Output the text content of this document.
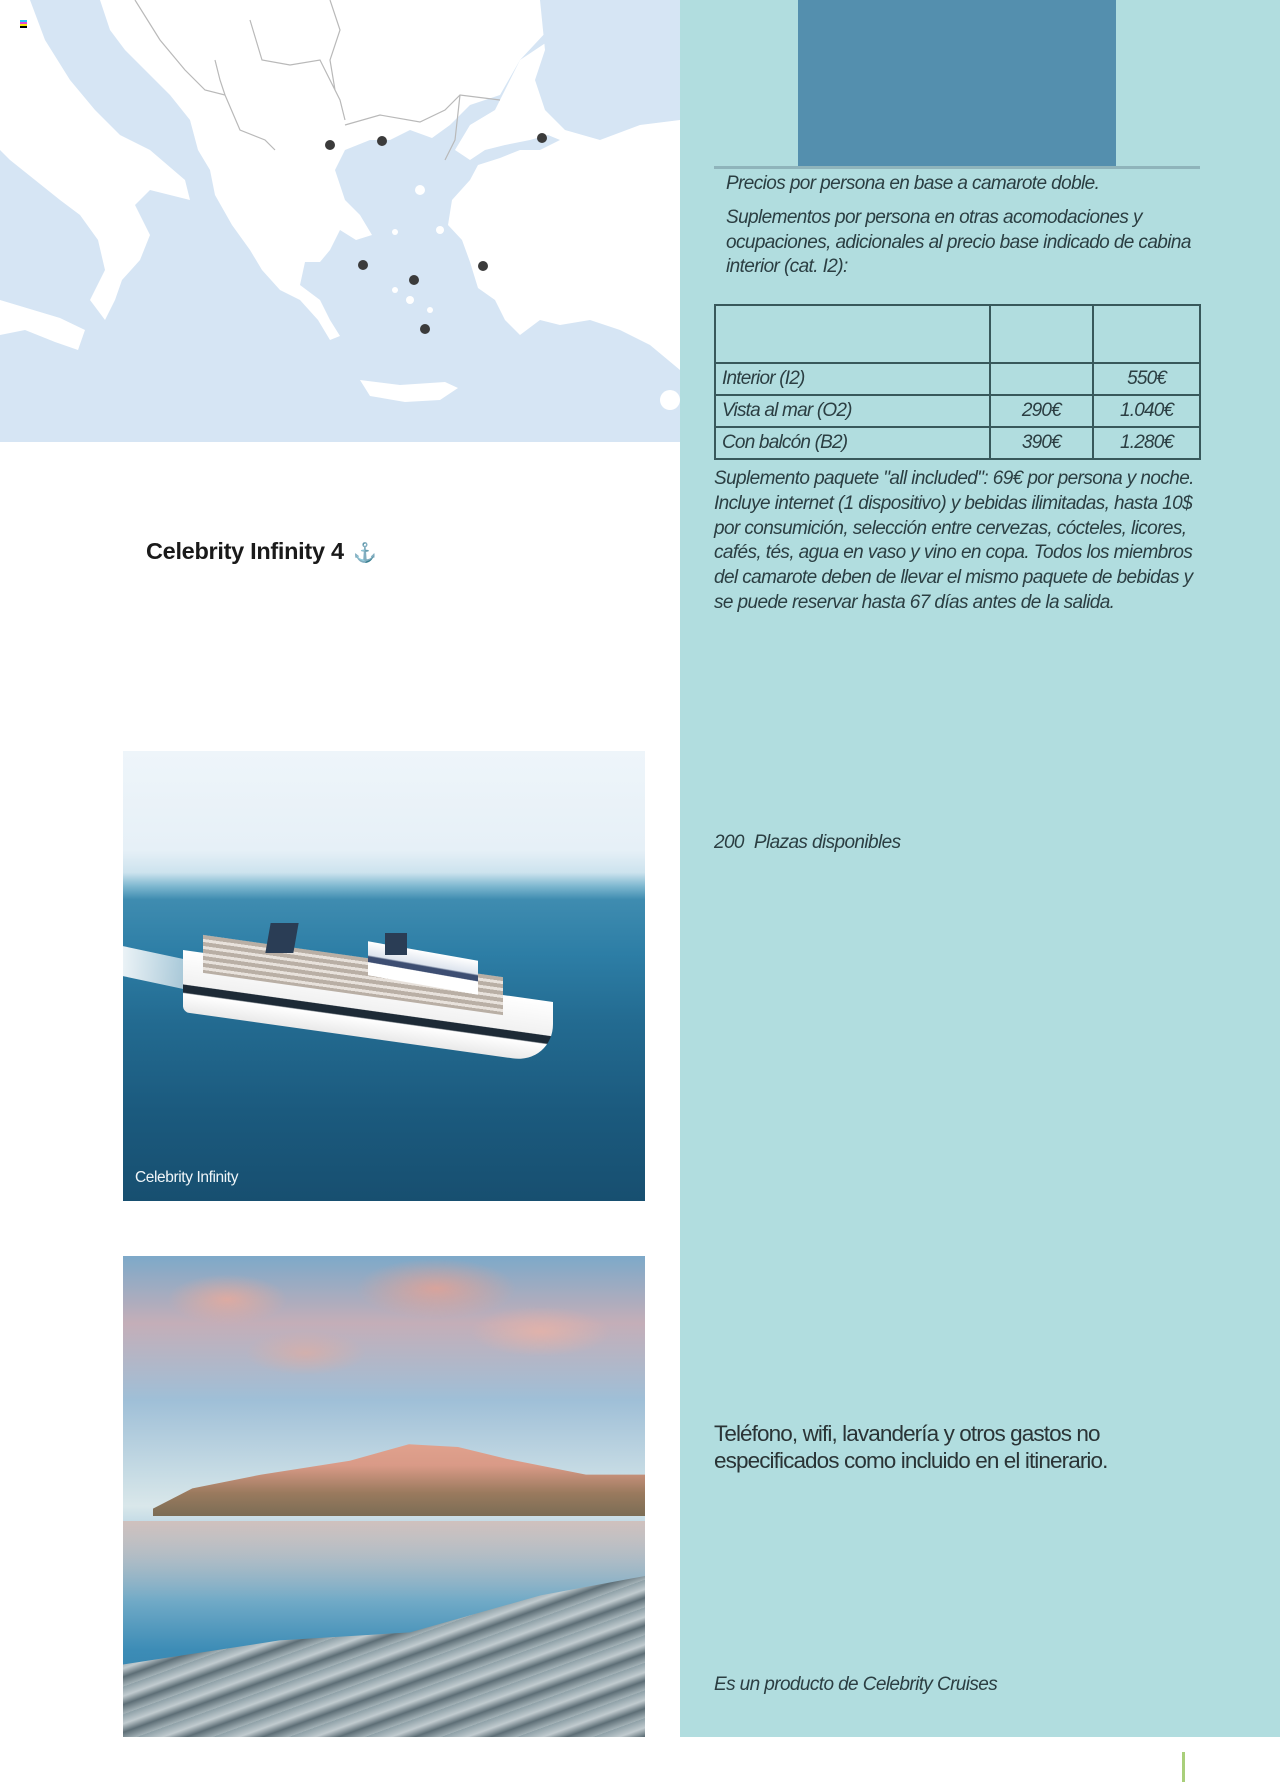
Celebrity Infinity 4 ⚓
Celebrity Infinity

Precios por persona en base a camarote doble.

Suplementos por persona en otras acomodaciones y ocupaciones, adicionales al precio base indicado de cabina interior (cat. I2):

Interior (I2)		550€
Vista al mar (O2)	290€	1.040€
Con balcón (B2)	390€	1.280€

Suplemento paquete "all included": 69€ por persona y noche. Incluye internet (1 dispositivo) y bebidas ilimitadas, hasta 10$ por consumición, selección entre cervezas, cócteles, licores, cafés, tés, agua en vaso y vino en copa. Todos los miembros del camarote deben de llevar el mismo paquete de bebidas y se puede reservar hasta 67 días antes de la salida.

200 Plazas disponibles

Teléfono, wifi, lavandería y otros gastos no especificados como incluido en el itinerario.

Es un producto de Celebrity Cruises
